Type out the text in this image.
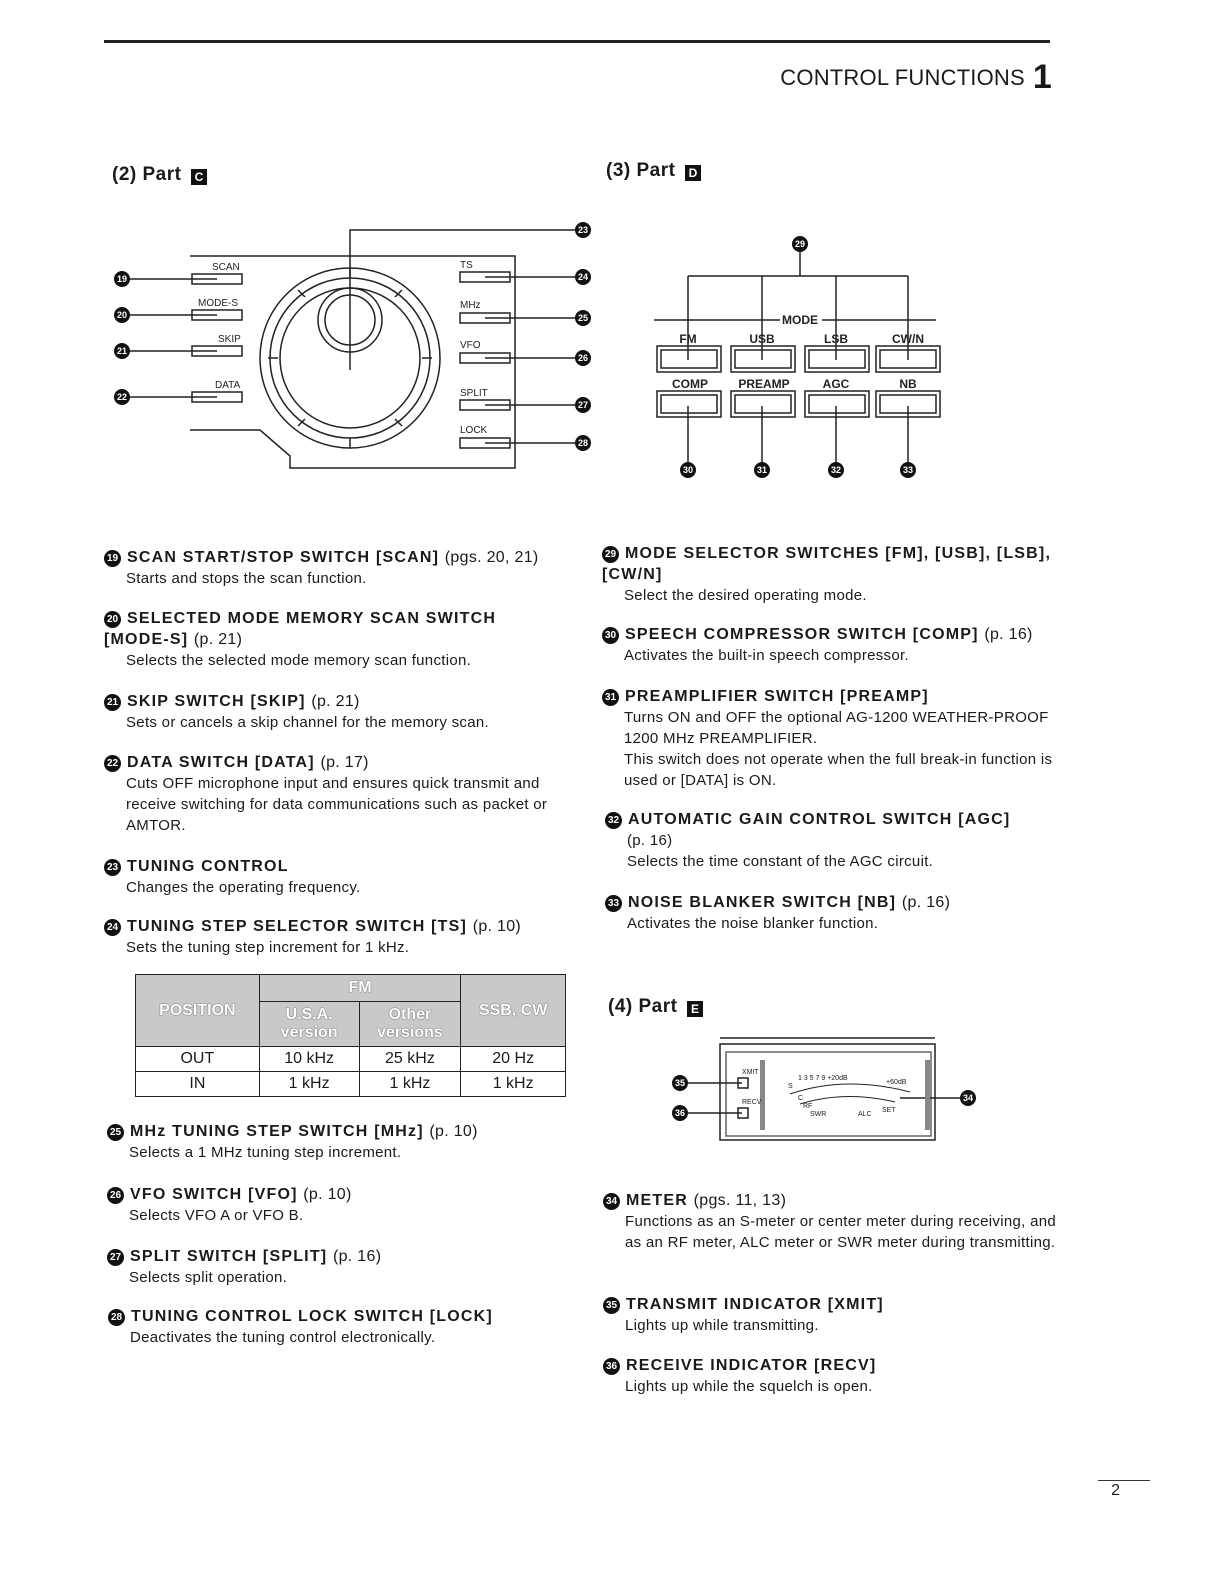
CONTROL FUNCTIONS 1
(2) Part C	(3) Part D
(4) Part E
SCAN
MODE-S
SKIP
DATA
TS
MHz
VFO
SPLIT
LOCK
19
20
21
22
23
24
25
26
27
28
MODE
FM	USB	LSB	CW/N
COMP	PREAMP	AGC	NB
29
30	31	32	33
XMIT
RECV
S
1 3 5 7 9 +20dB
+60dB
C
RF
SWR	ALC
SET
34
35
36
19 SCAN START/STOP SWITCH [SCAN] (pgs. 20, 21)
Starts and stops the scan function.
20 SELECTED MODE MEMORY SCAN SWITCH [MODE-S] (p. 21)
Selects the selected mode memory scan function.
21 SKIP SWITCH [SKIP] (p. 21)
Sets or cancels a skip channel for the memory scan.
22 DATA SWITCH [DATA] (p. 17)
Cuts OFF microphone input and ensures quick transmit and receive switching for data communications such as packet or AMTOR.
23 TUNING CONTROL
Changes the operating frequency.
24 TUNING STEP SELECTOR SWITCH [TS] (p. 10)
Sets the tuning step increment for 1 kHz.
POSITION	FM		SSB, CW
	U.S.A. version	Other versions	
OUT	10 kHz	25 kHz	20 Hz
IN	1 kHz	1 kHz	1 kHz
25 MHz TUNING STEP SWITCH [MHz] (p. 10)
Selects a 1 MHz tuning step increment.
26 VFO SWITCH [VFO] (p. 10)
Selects VFO A or VFO B.
27 SPLIT SWITCH [SPLIT] (p. 16)
Selects split operation.
28 TUNING CONTROL LOCK SWITCH [LOCK]
Deactivates the tuning control electronically.
29 MODE SELECTOR SWITCHES [FM], [USB], [LSB], [CW/N]
Select the desired operating mode.
30 SPEECH COMPRESSOR SWITCH [COMP] (p. 16)
Activates the built-in speech compressor.
31 PREAMPLIFIER SWITCH [PREAMP]
Turns ON and OFF the optional AG-1200 WEATHER-PROOF 1200 MHz PREAMPLIFIER.
This switch does not operate when the full break-in function is used or [DATA] is ON.
32 AUTOMATIC GAIN CONTROL SWITCH [AGC]
(p. 16)
Selects the time constant of the AGC circuit.
33 NOISE BLANKER SWITCH [NB] (p. 16)
Activates the noise blanker function.
34 METER (pgs. 11, 13)
Functions as an S-meter or center meter during receiving, and as an RF meter, ALC meter or SWR meter during transmitting.
35 TRANSMIT INDICATOR [XMIT]
Lights up while transmitting.
36 RECEIVE INDICATOR [RECV]
Lights up while the squelch is open.
2
